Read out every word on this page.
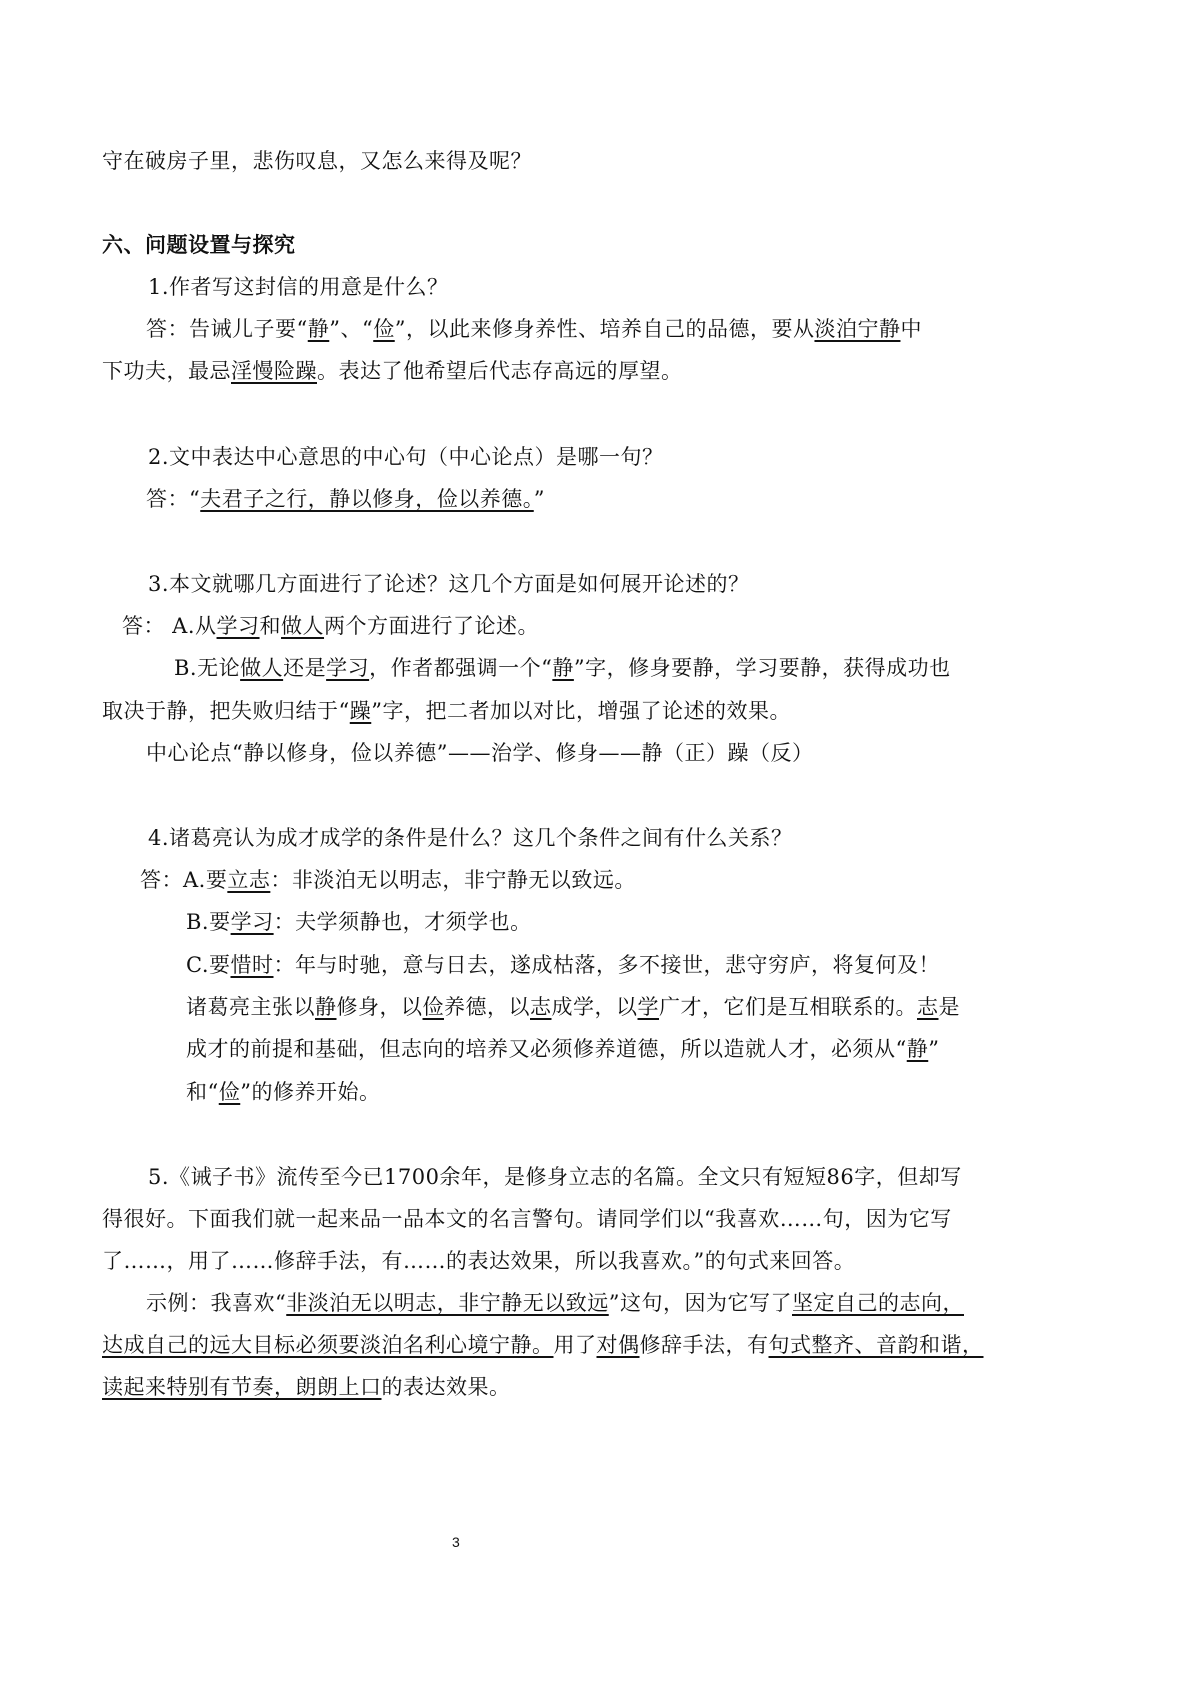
守在破房子里，悲伤叹息，又怎么来得及呢？
六、问题设置与探究
1.作者写这封信的用意是什么？
答：告诫儿子要“静”、“俭”，以此来修身养性、培养自己的品德，要从淡泊宁静中
下功夫，最忌淫慢险躁。表达了他希望后代志存高远的厚望。
2.文中表达中心意思的中心句（中心论点）是哪一句？
答：“夫君子之行，静以修身，俭以养德。”
3.本文就哪几方面进行了论述？这几个方面是如何展开论述的？
答： A.从学习和做人两个方面进行了论述。
B.无论做人还是学习，作者都强调一个“静”字，修身要静，学习要静，获得成功也
取决于静，把失败归结于“躁”字，把二者加以对比，增强了论述的效果。
中心论点“静以修身，俭以养德”——治学、修身——静（正）躁（反）
4.诸葛亮认为成才成学的条件是什么？这几个条件之间有什么关系？
答：A.要立志：非淡泊无以明志，非宁静无以致远。
B.要学习：夫学须静也，才须学也。
C.要惜时：年与时驰，意与日去，遂成枯落，多不接世，悲守穷庐，将复何及！
诸葛亮主张以静修身，以俭养德，以志成学，以学广才，它们是互相联系的。志是
成才的前提和基础，但志向的培养又必须修养道德，所以造就人才，必须从“静”
和“俭”的修养开始。
5.《诫子书》流传至今已1700余年，是修身立志的名篇。全文只有短短86字，但却写
得很好。下面我们就一起来品一品本文的名言警句。请同学们以“我喜欢……句，因为它写
了……，用了……修辞手法，有……的表达效果，所以我喜欢。”的句式来回答。
示例：我喜欢“非淡泊无以明志，非宁静无以致远”这句，因为它写了坚定自己的志向，
达成自己的远大目标必须要淡泊名利心境宁静。用了对偶修辞手法，有句式整齐、音韵和谐，
读起来特别有节奏，朗朗上口的表达效果。
3
